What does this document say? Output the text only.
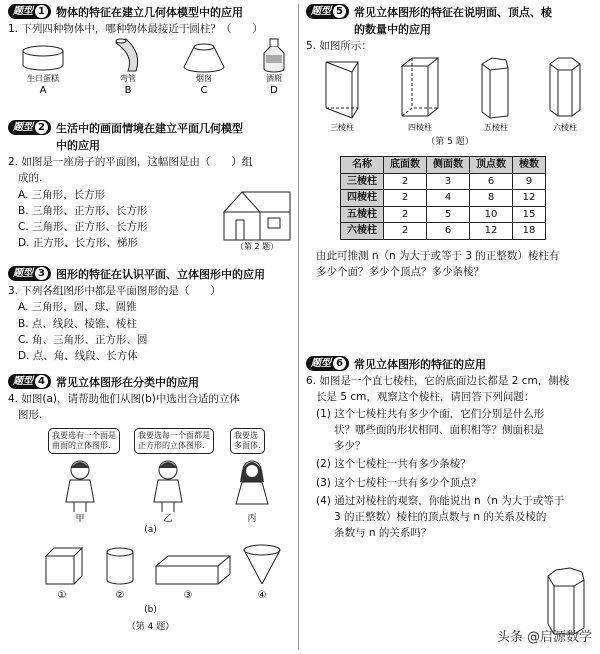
题型 1 物体的特征在建立几何体模型中的应用
1. 下列四种物体中，哪种物体最接近于圆柱？（　　）
生日蛋糕	弯管	烟囱	酒瓶
A	B	C	D
题型 2 生活中的画面情境在建立平面几何模型
中的应用
2. 如图是一座房子的平面图，这幅图是由（　　）组
成的.
A. 三角形、长方形
B. 三角形、正方形、长方形
C. 三角形、正方形、长方形
D. 正方形、长方形、梯形	（第 2 题）
题型 3 图形的特征在认识平面、立体图形中的应用
3. 下列各组图形中都是平面图形的是（　　）
A. 三角形、圆、球、圆锥
B. 点、线段、棱锥、棱柱
C. 角、三角形、正方形、圆
D. 点、角、线段、长方体
题型 4 常见立体图形在分类中的应用
4. 如图(a)，请帮助他们从图(b)中选出合适的立体
图形.
我要选有一个面是
曲面的立体图形.
我要选每一个面都是
正方形的立体图形.
我要选
多面体.
甲	乙	丙
(a)
①	②	③	④
(b)
（第 4 题）
题型 5 常见立体图形的特征在说明面、顶点、棱
的数量中的应用
5. 如图所示：
三棱柱	四棱柱	五棱柱	六棱柱
（第 5 题）
名称	底面数	侧面数	顶点数	棱数
三棱柱	2	3	6	9
四棱柱	2	4	8	12
五棱柱	2	5	10	15
六棱柱	2	6	12	18
由此可推测 n（n 为大于或等于 3 的正整数）棱柱有
多少个面？多少个顶点？多少条棱？
题型 6 常见立体图形的特征的应用
6. 如图是一个直七棱柱，它的底面边长都是 2 cm，侧棱
长是 5 cm，观察这个棱柱，请回答下列问题：
(1) 这个七棱柱共有多少个面，它们分别是什么形
状？哪些面的形状相同、面积相等？侧面积是
多少？
(2) 这个七棱柱一共有多少条棱？
(3) 这个七棱柱一共有多少个顶点？
(4) 通过对棱柱的观察，你能说出 n（n 为大于或等于
3 的正整数）棱柱的顶点数与 n 的关系及棱的
条数与 n 的关系吗？
头条 @启源数学
